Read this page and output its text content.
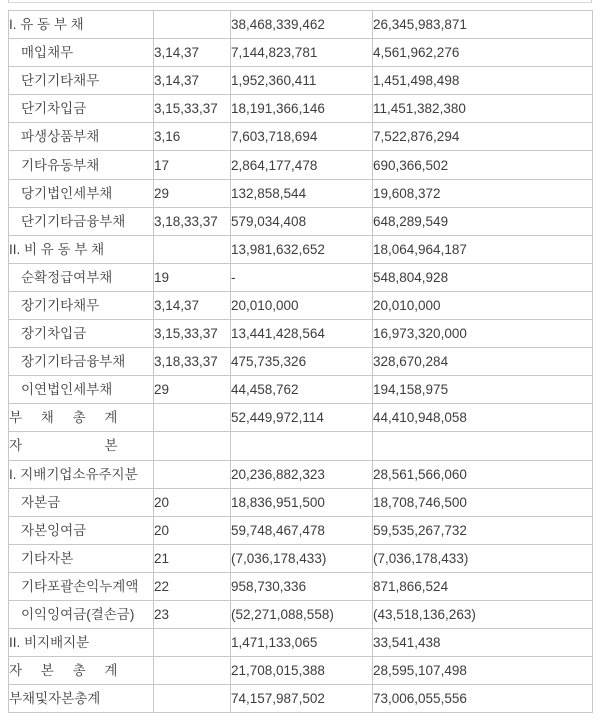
I. 유 동 부 채		38,468,339,462	26,345,983,871
매입채무	3,14,37	7,144,823,781	4,561,962,276
단기기타채무	3,14,37	1,952,360,411	1,451,498,498
단기차입금	3,15,33,37	18,191,366,146	11,451,382,380
파생상품부채	3,16	7,603,718,694	7,522,876,294
기타유동부채	17	2,864,177,478	690,366,502
당기법인세부채	29	132,858,544	19,608,372
단기기타금융부채	3,18,33,37	579,034,408	648,289,549
II. 비 유 동 부 채		13,981,632,652	18,064,964,187
순확정급여부채	19	-	548,804,928
장기기타채무	3,14,37	20,010,000	20,010,000
장기차입금	3,15,33,37	13,441,428,564	16,973,320,000
장기기타금융부채	3,18,33,37	475,735,326	328,670,284
이연법인세부채	29	44,458,762	194,158,975
부     채     총     계		52,449,972,114	44,410,948,058
자                      본			
I. 지배기업소유주지분		20,236,882,323	28,561,566,060
자본금	20	18,836,951,500	18,708,746,500
자본잉여금	20	59,748,467,478	59,535,267,732
기타자본	21	(7,036,178,433)	(7,036,178,433)
기타포괄손익누계액	22	958,730,336	871,866,524
이익잉여금(결손금)	23	(52,271,088,558)	(43,518,136,263)
II. 비지배지분		1,471,133,065	33,541,438
자     본     총     계		21,708,015,388	28,595,107,498
부채및자본총계		74,157,987,502	73,006,055,556
